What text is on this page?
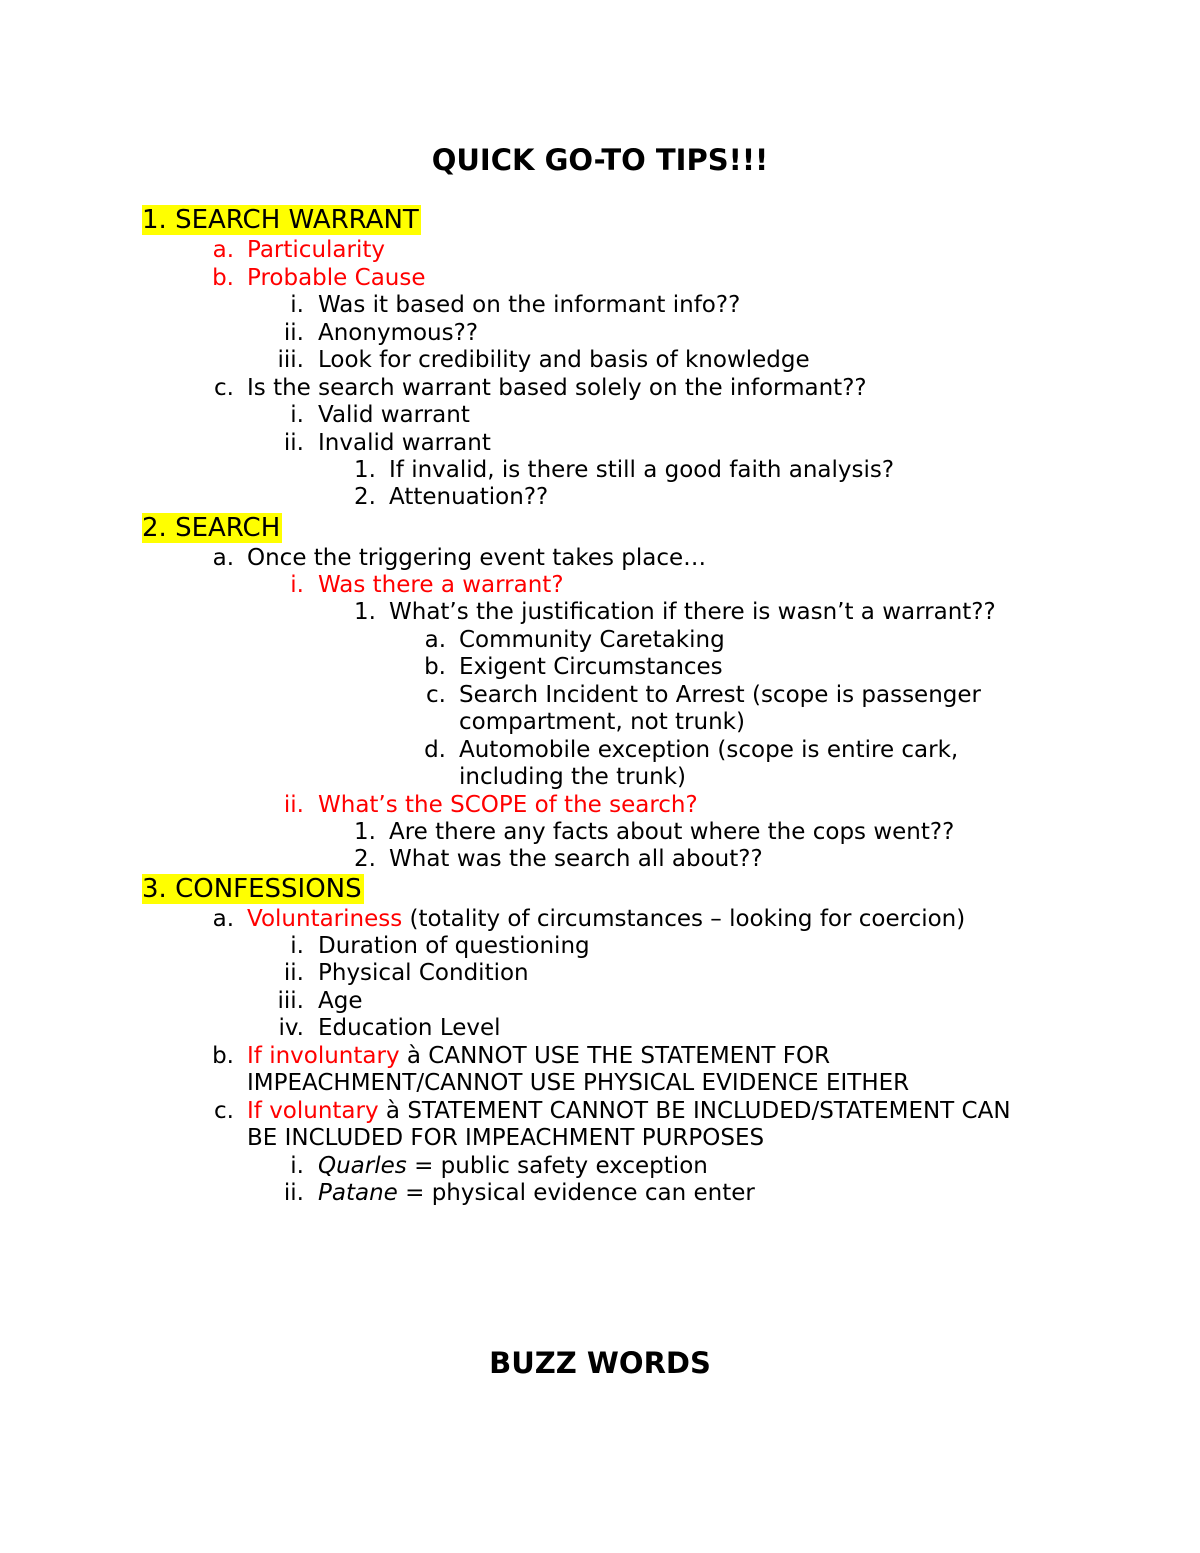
QUICK GO-TO TIPS!!!
1. SEARCH WARRANT
a. Particularity
b. Probable Cause
i. Was it based on the informant info??
ii. Anonymous??
iii. Look for credibility and basis of knowledge
c. Is the search warrant based solely on the informant??
i. Valid warrant
ii. Invalid warrant
1. If invalid, is there still a good faith analysis?
2. Attenuation??
2. SEARCH
a. Once the triggering event takes place…
i. Was there a warrant?
1. What’s the justification if there is wasn’t a warrant??
a. Community Caretaking
b. Exigent Circumstances
c. Search Incident to Arrest (scope is passenger
compartment, not trunk)
d. Automobile exception (scope is entire cark,
including the trunk)
ii. What’s the SCOPE of the search?
1. Are there any facts about where the cops went??
2. What was the search all about??
3. CONFESSIONS
a. Voluntariness (totality of circumstances – looking for coercion)
i. Duration of questioning
ii. Physical Condition
iii. Age
iv. Education Level
b. If involuntary à CANNOT USE THE STATEMENT FOR
IMPEACHMENT/CANNOT USE PHYSICAL EVIDENCE EITHER
c. If voluntary à STATEMENT CANNOT BE INCLUDED/STATEMENT CAN
BE INCLUDED FOR IMPEACHMENT PURPOSES
i. Quarles = public safety exception
ii. Patane = physical evidence can enter
BUZZ WORDS
